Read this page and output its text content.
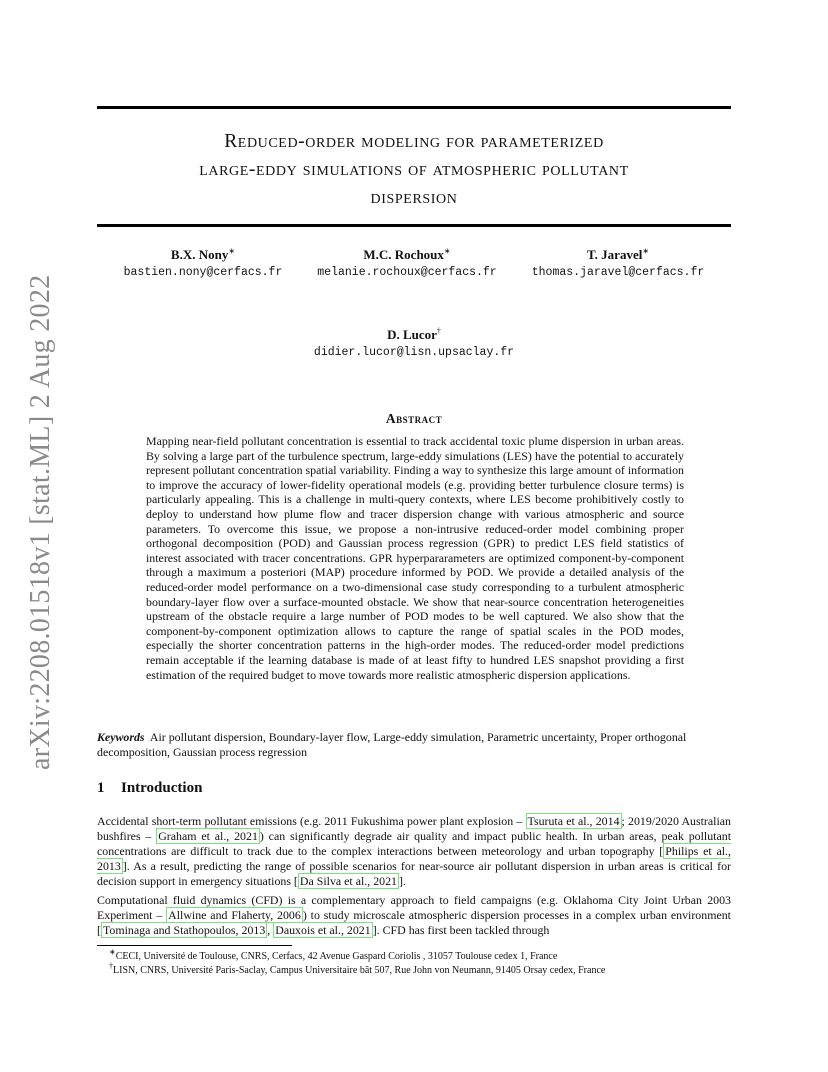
arXiv:2208.01518v1 [stat.ML] 2 Aug 2022
Reduced-order modeling for parameterized
large-eddy simulations of atmospheric pollutant
dispersion
B.X. Nony∗
bastien.nony@cerfacs.fr
M.C. Rochoux∗
melanie.rochoux@cerfacs.fr
T. Jaravel∗
thomas.jaravel@cerfacs.fr
D. Lucor†
didier.lucor@lisn.upsaclay.fr
Abstract
Mapping near-field pollutant concentration is essential to track accidental toxic plume dispersion in urban areas. By solving a large part of the turbulence spectrum, large-eddy simulations (LES) have the potential to accurately represent pollutant concentration spatial variability. Finding a way to synthesize this large amount of information to improve the accuracy of lower-fidelity operational models (e.g. providing better turbulence closure terms) is particularly appealing. This is a challenge in multi-query contexts, where LES become prohibitively costly to deploy to understand how plume flow and tracer dispersion change with various atmospheric and source parameters. To overcome this issue, we propose a non-intrusive reduced-order model combining proper orthogonal decomposition (POD) and Gaussian process regression (GPR) to predict LES field statistics of interest associated with tracer concentrations. GPR hyperpararameters are optimized component-by-component through a maximum a posteriori (MAP) procedure informed by POD. We provide a detailed analysis of the reduced-order model performance on a two-dimensional case study corresponding to a turbulent atmospheric boundary-layer flow over a surface-mounted obstacle. We show that near-source concentration heterogeneities upstream of the obstacle require a large number of POD modes to be well captured. We also show that the component-by-component optimization allows to capture the range of spatial scales in the POD modes, especially the shorter concentration patterns in the high-order modes. The reduced-order model predictions remain acceptable if the learning database is made of at least fifty to hundred LES snapshot providing a first estimation of the required budget to move towards more realistic atmospheric dispersion applications.
Keywords Air pollutant dispersion, Boundary-layer flow, Large-eddy simulation, Parametric uncertainty, Proper orthogonal decomposition, Gaussian process regression
1 Introduction
Accidental short-term pollutant emissions (e.g. 2011 Fukushima power plant explosion – Tsuruta et al., 2014 ; 2019/2020 Australian bushfires – Graham et al., 2021 ) can significantly degrade air quality and impact public health. In urban areas, peak pollutant concentrations are difficult to track due to the complex interactions between meteorology and urban topography [ Philips et al., 2013 ]. As a result, predicting the range of possible scenarios for near-source air pollutant dispersion in urban areas is critical for decision support in emergency situations [ Da Silva et al., 2021 ].
Computational fluid dynamics (CFD) is a complementary approach to field campaigns (e.g. Oklahoma City Joint Urban 2003 Experiment – Allwine and Flaherty, 2006 ) to study microscale atmospheric dispersion processes in a complex urban environment [ Tominaga and Stathopoulos, 2013 , Dauxois et al., 2021 ]. CFD has first been tackled through
∗CECI, Université de Toulouse, CNRS, Cerfacs, 42 Avenue Gaspard Coriolis , 31057 Toulouse cedex 1, France
†LISN, CNRS, Université Paris-Saclay, Campus Universitaire bât 507, Rue John von Neumann, 91405 Orsay cedex, France
